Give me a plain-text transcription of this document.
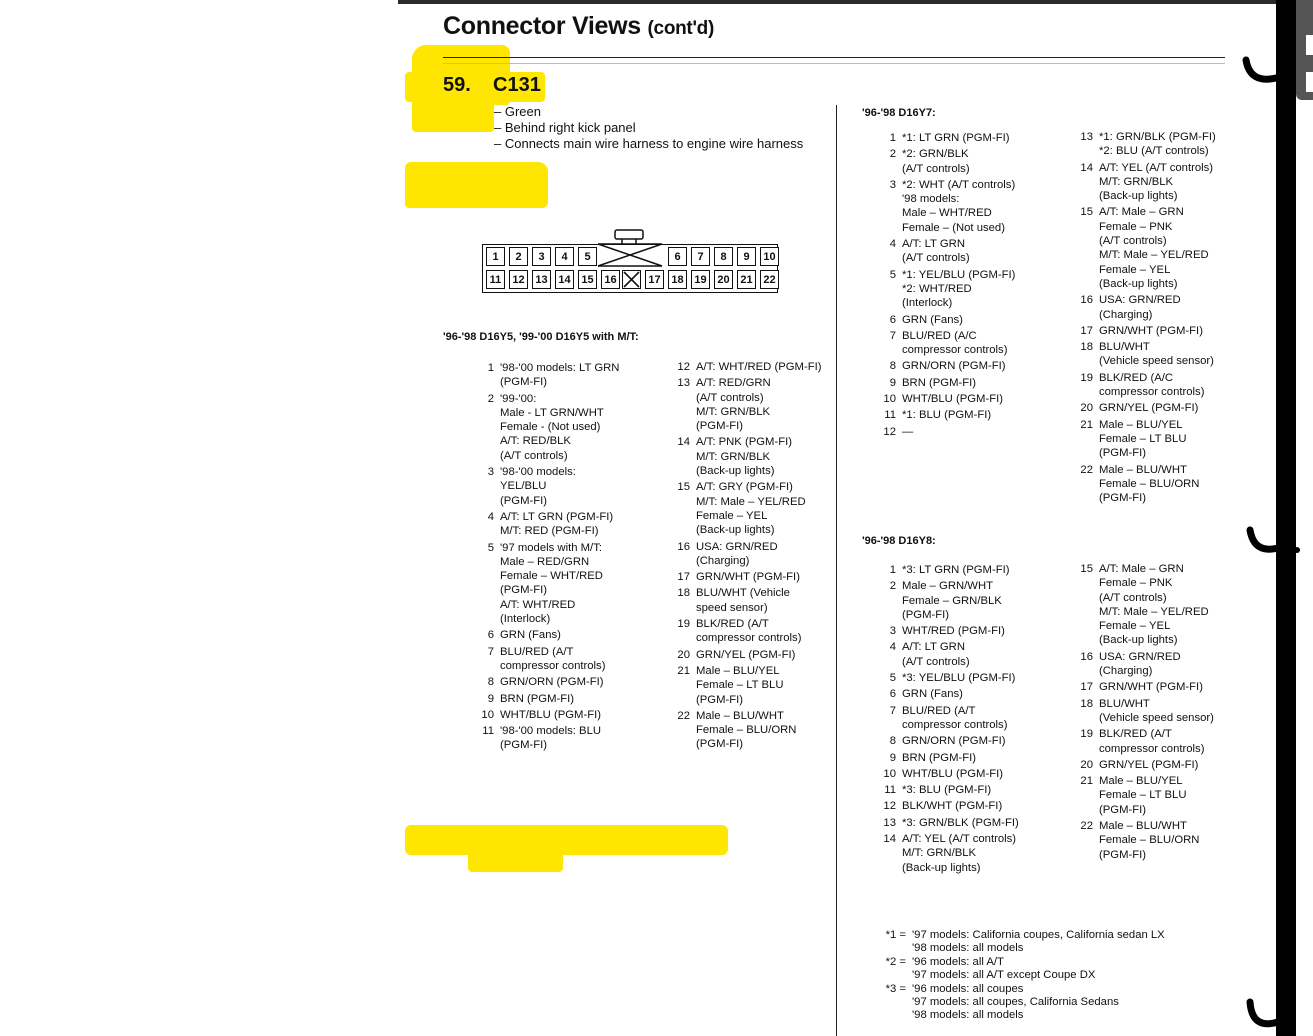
Connector Views (cont'd)
59. C131
– Green
– Behind right kick panel
– Connects main wire harness to engine wire harness
1	2	3	4	5	6	7	8	9	10
11	12 13 14 15 16	17 18 19 20 21 22
'96-'98 D16Y5, '99-'00 D16Y5 with M/T:
1 '98-'00 models: LT GRN
(PGM-FI)
2 '99-'00:
Male - LT GRN/WHT
Female - (Not used)
A/T: RED/BLK
(A/T controls)
3 '98-'00 models:
YEL/BLU
(PGM-FI)
4 A/T: LT GRN (PGM-FI)
M/T: RED (PGM-FI)
5 '97 models with M/T:
Male – RED/GRN
Female – WHT/RED
(PGM-FI)
A/T: WHT/RED
(Interlock)
6 GRN (Fans)
7 BLU/RED (A/T
compressor controls)
8 GRN/ORN (PGM-FI)
9 BRN (PGM-FI)
10 WHT/BLU (PGM-FI)
11 '98-'00 models: BLU
(PGM-FI)
12 A/T: WHT/RED (PGM-FI)
13 A/T: RED/GRN
(A/T controls)
M/T: GRN/BLK
(PGM-FI)
14 A/T: PNK (PGM-FI)
M/T: GRN/BLK
(Back-up lights)
15 A/T: GRY (PGM-FI)
M/T: Male – YEL/RED
Female – YEL
(Back-up lights)
16 USA: GRN/RED
(Charging)
17 GRN/WHT (PGM-FI)
18 BLU/WHT (Vehicle
speed sensor)
19 BLK/RED (A/T
compressor controls)
20 GRN/YEL (PGM-FI)
21 Male – BLU/YEL
Female – LT BLU
(PGM-FI)
22 Male – BLU/WHT
Female – BLU/ORN
(PGM-FI)
'96-'98 D16Y7:
1 *1: LT GRN (PGM-FI)
2 *2: GRN/BLK
(A/T controls)
3 *2: WHT (A/T controls)
'98 models:
Male – WHT/RED
Female – (Not used)
4 A/T: LT GRN
(A/T controls)
5 *1: YEL/BLU (PGM-FI)
*2: WHT/RED
(Interlock)
6 GRN (Fans)
7 BLU/RED (A/C
compressor controls)
8 GRN/ORN (PGM-FI)
9 BRN (PGM-FI)
10 WHT/BLU (PGM-FI)
11 *1: BLU (PGM-FI)
12 —
13 *1: GRN/BLK (PGM-FI)
*2: BLU (A/T controls)
14 A/T: YEL (A/T controls)
M/T: GRN/BLK
(Back-up lights)
15 A/T: Male – GRN
Female – PNK
(A/T controls)
M/T: Male – YEL/RED
Female – YEL
(Back-up lights)
16 USA: GRN/RED
(Charging)
17 GRN/WHT (PGM-FI)
18 BLU/WHT
(Vehicle speed sensor)
19 BLK/RED (A/C
compressor controls)
20 GRN/YEL (PGM-FI)
21 Male – BLU/YEL
Female – LT BLU
(PGM-FI)
22 Male – BLU/WHT
Female – BLU/ORN
(PGM-FI)
'96-'98 D16Y8:
1 *3: LT GRN (PGM-FI)
2 Male – GRN/WHT
Female – GRN/BLK
(PGM-FI)
3 WHT/RED (PGM-FI)
4 A/T: LT GRN
(A/T controls)
5 *3: YEL/BLU (PGM-FI)
6 GRN (Fans)
7 BLU/RED (A/T
compressor controls)
8 GRN/ORN (PGM-FI)
9 BRN (PGM-FI)
10 WHT/BLU (PGM-FI)
11 *3: BLU (PGM-FI)
12 BLK/WHT (PGM-FI)
13 *3: GRN/BLK (PGM-FI)
14 A/T: YEL (A/T controls)
M/T: GRN/BLK
(Back-up lights)
15 A/T: Male – GRN
Female – PNK
(A/T controls)
M/T: Male – YEL/RED
Female – YEL
(Back-up lights)
16 USA: GRN/RED
(Charging)
17 GRN/WHT (PGM-FI)
18 BLU/WHT
(Vehicle speed sensor)
19 BLK/RED (A/T
compressor controls)
20 GRN/YEL (PGM-FI)
21 Male – BLU/YEL
Female – LT BLU
(PGM-FI)
22 Male – BLU/WHT
Female – BLU/ORN
(PGM-FI)
*1 = '97 models: California coupes, California sedan LX
'98 models: all models
*2 = '96 models: all A/T
'97 models: all A/T except Coupe DX
*3 = '96 models: all coupes
'97 models: all coupes, California Sedans
'98 models: all models
